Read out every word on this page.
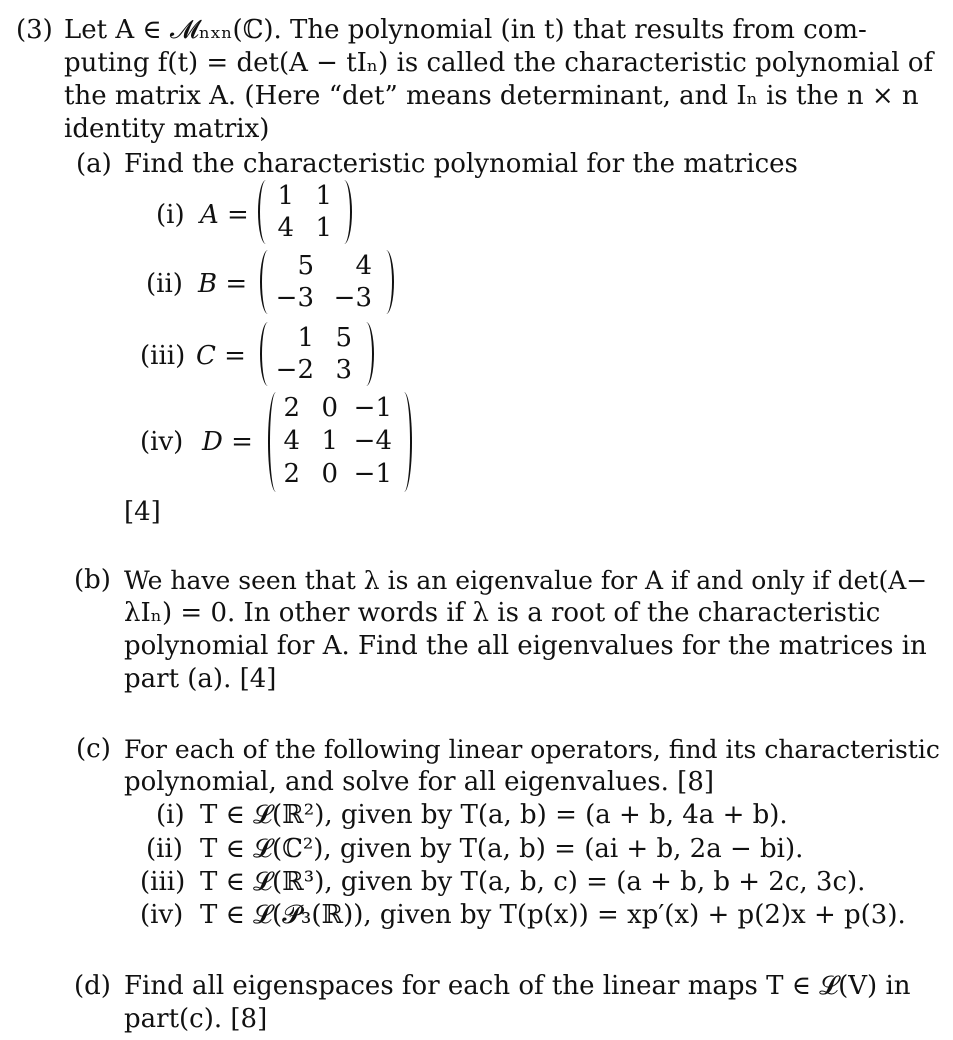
(3) Let A ∈ 𝓜ₙₓₙ(ℂ). The polynomial (in t) that results from com-
puting f(t) = det(A − tIₙ) is called the characteristic polynomial of
the matrix A. (Here “det” means determinant, and Iₙ is the n × n
identity matrix)
(a) Find the characteristic polynomial for the matrices
(i) A =
1 1
4 1
(ii) B =
5	4
−3 −3
(iii) C =
1 5
−2 3
(iv) D =
2 0 −1
4 1 −4
2 0 −1
[4]
(b) We have seen that λ is an eigenvalue for A if and only if det(A−
λIₙ) = 0. In other words if λ is a root of the characteristic
polynomial for A. Find the all eigenvalues for the matrices in
part (a). [4]
(c) For each of the following linear operators, find its characteristic
polynomial, and solve for all eigenvalues. [8]
(i) T ∈ 𝓛(ℝ²), given by T(a, b) = (a + b, 4a + b).
(ii) T ∈ 𝓛(ℂ²), given by T(a, b) = (ai + b, 2a − bi).
(iii) T ∈ 𝓛(ℝ³), given by T(a, b, c) = (a + b, b + 2c, 3c).
(iv) T ∈ 𝓛(𝓟₃(ℝ)), given by T(p(x)) = xp′(x) + p(2)x + p(3).
(d) Find all eigenspaces for each of the linear maps T ∈ 𝓛(V) in
part(c). [8]
